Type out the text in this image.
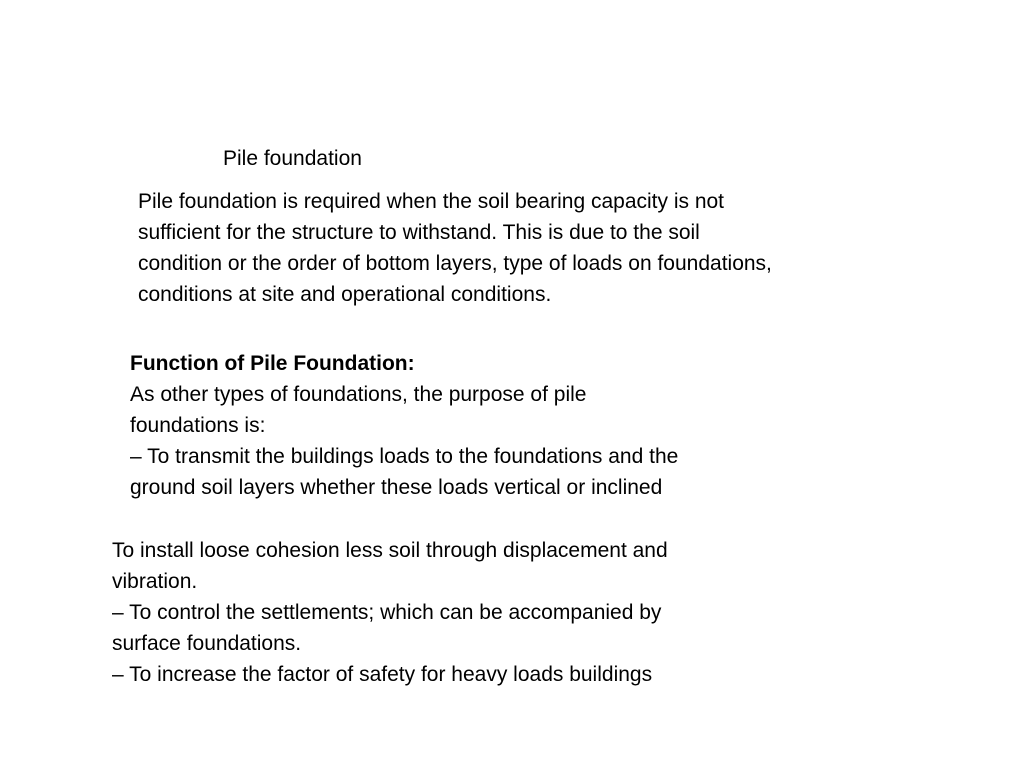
Pile foundation
Pile foundation is required when the soil bearing capacity is not
sufficient for the structure to withstand. This is due to the soil
condition or the order of bottom layers, type of loads on foundations,
conditions at site and operational conditions.
Function of Pile Foundation:
As other types of foundations, the purpose of pile
foundations is:
– To transmit the buildings loads to the foundations and the
ground soil layers whether these loads vertical or inclined
To install loose cohesion less soil through displacement and
vibration.
– To control the settlements; which can be accompanied by
surface foundations.
– To increase the factor of safety for heavy loads buildings
